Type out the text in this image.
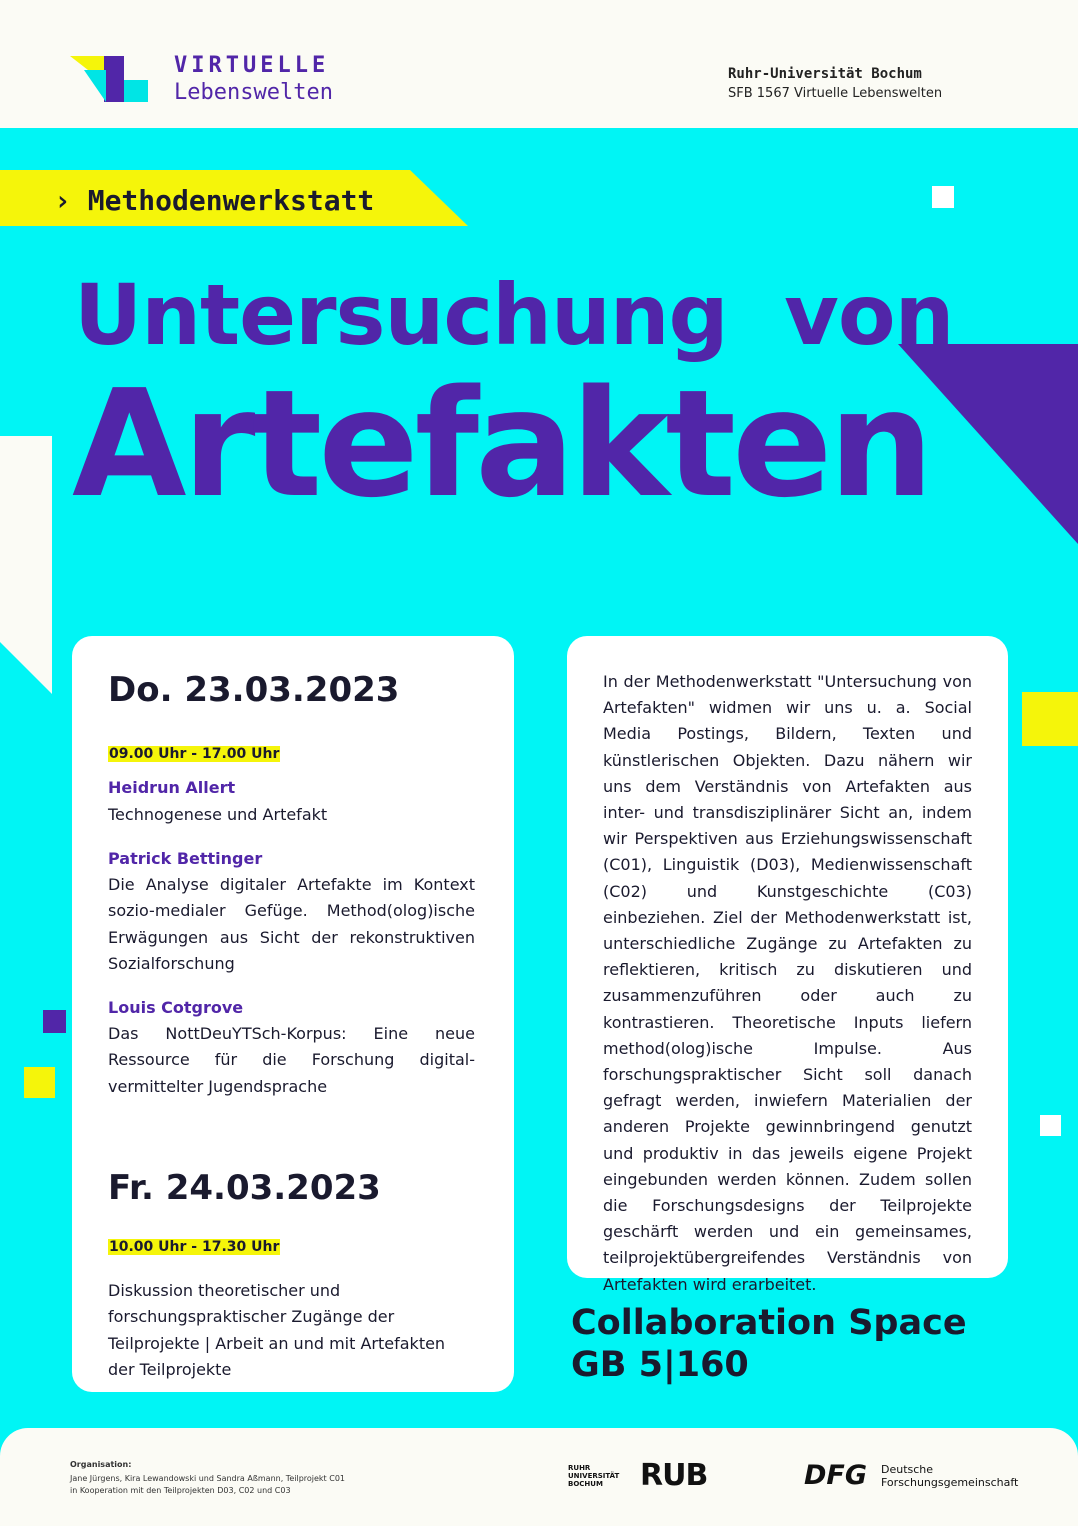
VIRTUELLE
Lebenswelten
Ruhr-Universität Bochum
SFB 1567 Virtuelle Lebenswelten
› Methodenwerkstatt
Untersuchung  von
Artefakten
Do. 23.03.2023
09.00 Uhr - 17.00 Uhr
Heidrun Allert
Technogenese und Artefakt
Patrick Bettinger
Die Analyse digitaler Artefakte im Kontext sozio-medialer Gefüge. Method(olog)ische Erwägungen aus Sicht der rekonstruktiven Sozialforschung
Louis Cotgrove
Das NottDeuYTSch-Korpus: Eine neue Ressource für die Forschung digital-vermittelter Jugendsprache
Fr. 24.03.2023
10.00 Uhr - 17.30 Uhr
Diskussion theoretischer und forschungspraktischer Zugänge der Teilprojekte | Arbeit an und mit Artefakten der Teilprojekte
In der Methodenwerkstatt "Untersuchung von Artefakten" widmen wir uns u. a. Social Media Postings, Bildern, Texten und künstlerischen Objekten. Dazu nähern wir uns dem Verständnis von Artefakten aus inter- und transdisziplinärer Sicht an, indem wir Perspektiven aus Erziehungswissenschaft (C01), Linguistik (D03), Medienwissenschaft (C02) und Kunstgeschichte (C03) einbeziehen. Ziel der Methodenwerkstatt ist, unterschiedliche Zugänge zu Artefakten zu reflektieren, kritisch zu diskutieren und zusammenzuführen oder auch zu kontrastieren. Theoretische Inputs liefern method(olog)ische Impulse. Aus forschungspraktischer Sicht soll danach gefragt werden, inwiefern Materialien der anderen Projekte gewinnbringend genutzt und produktiv in das jeweils eigene Projekt eingebunden werden können. Zudem sollen die Forschungsdesigns der Teilprojekte geschärft werden und ein gemeinsames, teilprojektübergreifendes Verständnis von Artefakten wird erarbeitet.
Collaboration Space
GB 5|160
Organisation:
Jane Jürgens, Kira Lewandowski und Sandra Aßmann, Teilprojekt C01
in Kooperation mit den Teilprojekten D03, C02 und C03
RUHR
UNIVERSITÄT
BOCHUM	RUB	DFG Deutsche
Forschungsgemeinschaft
